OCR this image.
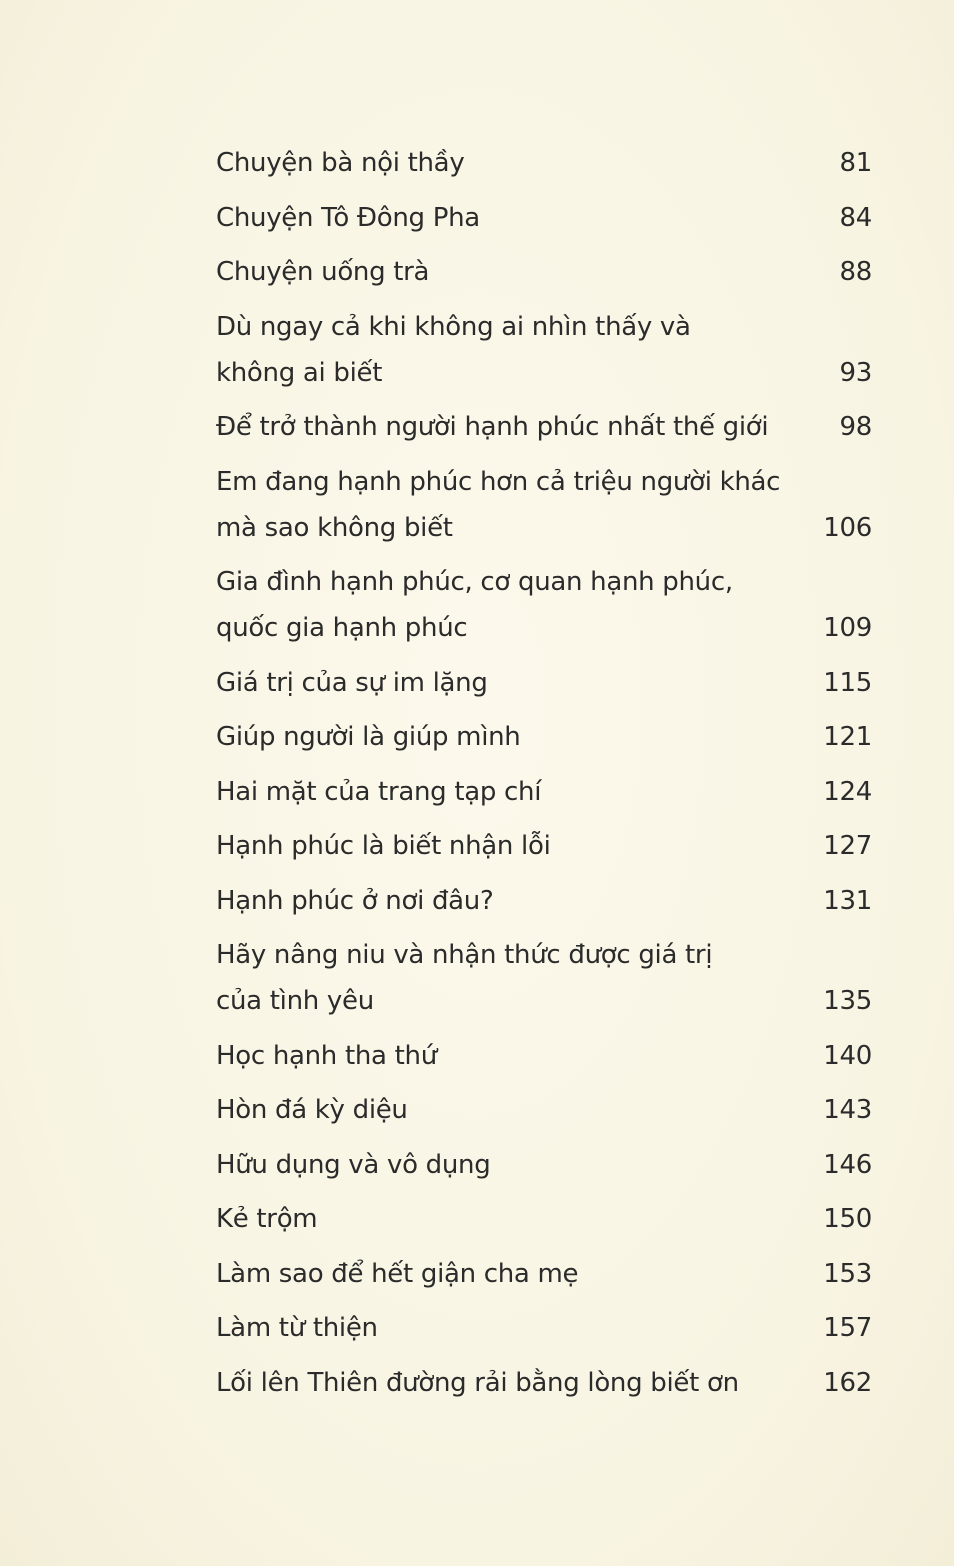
Chuyện bà nội thầy	81
Chuyện Tô Đông Pha	84
Chuyện uống trà	88
Dù ngay cả khi không ai nhìn thấy và
không ai biết	93
Để trở thành người hạnh phúc nhất thế giới	98
Em đang hạnh phúc hơn cả triệu người khác
mà sao không biết	106
Gia đình hạnh phúc, cơ quan hạnh phúc,
quốc gia hạnh phúc	109
Giá trị của sự im lặng	115
Giúp người là giúp mình	121
Hai mặt của trang tạp chí	124
Hạnh phúc là biết nhận lỗi	127
Hạnh phúc ở nơi đâu?	131
Hãy nâng niu và nhận thức được giá trị
của tình yêu	135
Học hạnh tha thứ	140
Hòn đá kỳ diệu	143
Hữu dụng và vô dụng	146
Kẻ trộm	150
Làm sao để hết giận cha mẹ	153
Làm từ thiện	157
Lối lên Thiên đường rải bằng lòng biết ơn	162
